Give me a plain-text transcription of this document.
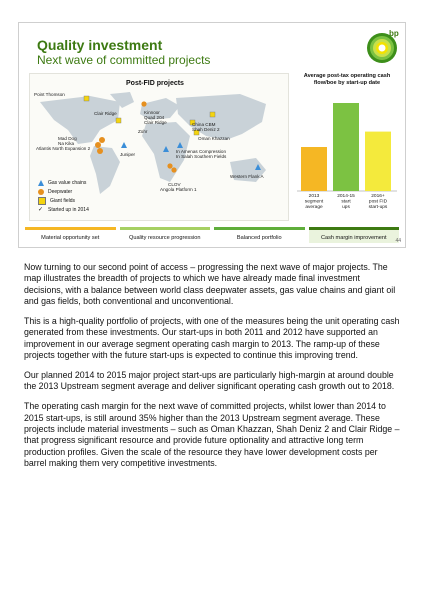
Quality investment
Next wave of committed projects
bp
Post-FID projects
Point Thomson
Clair Ridge	Kinnoor
Quad 204
Clair Ridge
Zohr
China CBM
Shah Deniz 2
Oman Khazzan
Mad Dog
Na Kika
Atlantis North Expansion 2
Juniper
In Amenas Compression
In Salah Southern Fields
CLOV
Angola Platform 1
Western Flank A
Gas value chains
Deepwater
Giant fields
✓ Started up in 2014
Average post-tax operating cash flow/boe by start-up date
2013 segment average
2014-15 start ups
2016+ post FID start-ups
Material opportunity set	Quality resource progression	Balanced portfolio	Cash margin improvement
44

Now turning to our second point of access – progressing the next wave of major projects. The map illustrates the breadth of projects to which we have already made final investment decisions, with a balance between world class deepwater assets, gas value chains and giant oil and gas fields, both conventional and unconventional.

This is a high-quality portfolio of projects, with one of the measures being the unit operating cash generated from these investments. Our start-ups in both 2011 and 2012 have supported an improvement in our average segment operating cash margin to 2013. The ramp-up of these projects together with the future start-ups is expected to continue this improving trend.

Our planned 2014 to 2015 major project start-ups are particularly high-margin at around double the 2013 Upstream segment average and deliver significant operating cash growth out to 2018.

The operating cash margin for the next wave of committed projects, whilst lower than 2014 to 2015 start-ups, is still around 35% higher than the 2013 Upstream segment average. These projects include material investments – such as Oman Khazzan, Shah Deniz 2 and Clair Ridge – that progress significant resource and provide future optionality and attractive long term production profiles. Given the scale of the resource they have lower development costs per barrel making them very competitive investments.
